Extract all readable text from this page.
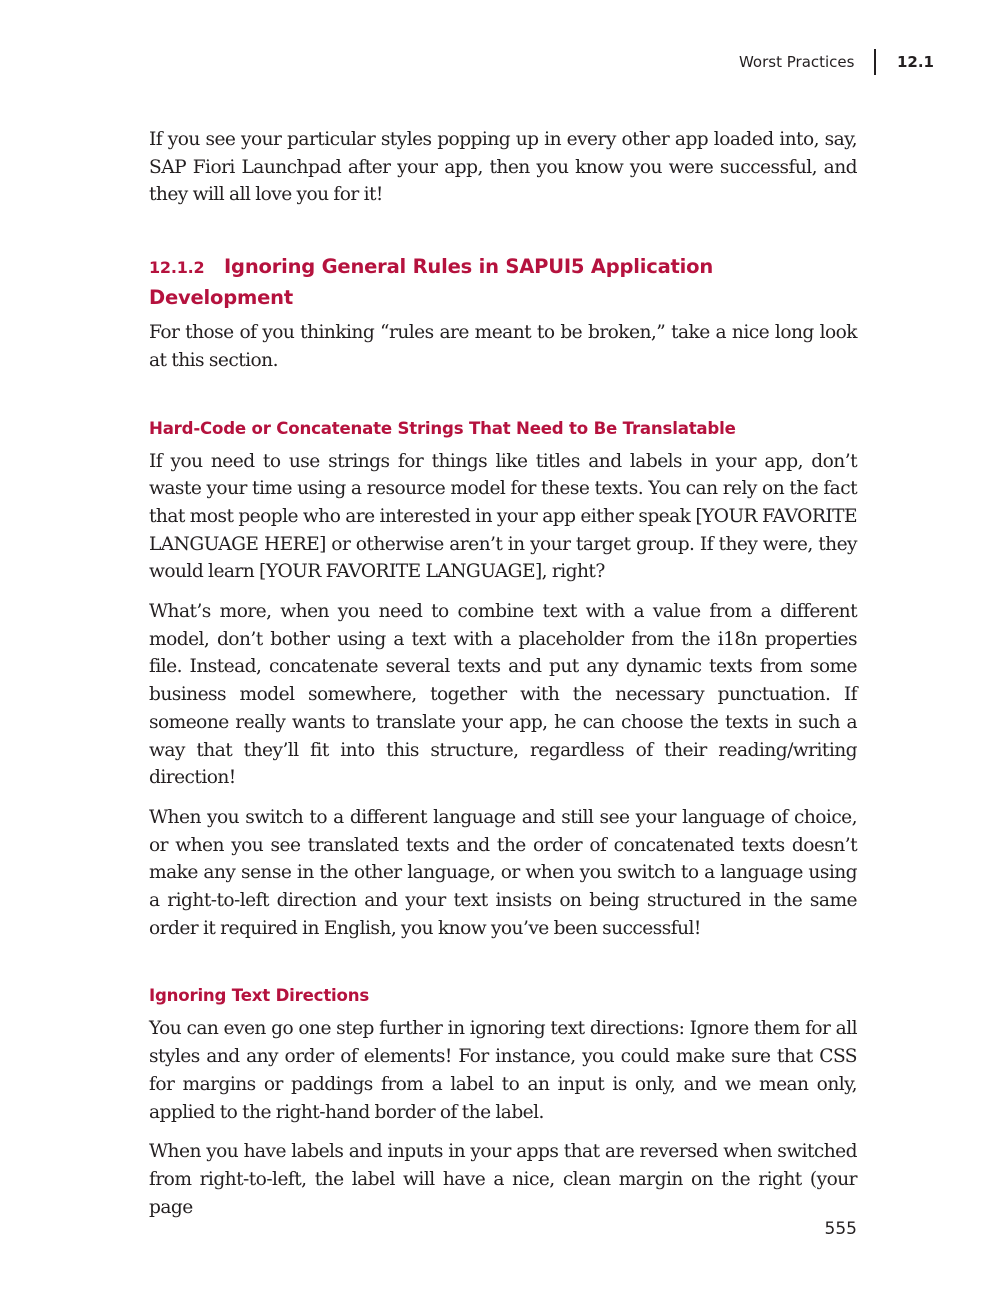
Worst Practices	12.1

If you see your particular styles popping up in every other app loaded into, say, SAP Fiori Launchpad after your app, then you know you were successful, and they will all love you for it!

12.1.2 Ignoring General Rules in SAPUI5 Application Development

For those of you thinking “rules are meant to be broken,” take a nice long look at this section.

Hard-Code or Concatenate Strings That Need to Be Translatable

If you need to use strings for things like titles and labels in your app, don’t waste your time using a resource model for these texts. You can rely on the fact that most people who are interested in your app either speak [YOUR FAVORITE LANGUAGE HERE] or otherwise aren’t in your target group. If they were, they would learn [YOUR FAVORITE LANGUAGE], right?

What’s more, when you need to combine text with a value from a different model, don’t bother using a text with a placeholder from the i18n properties file. Instead, concatenate several texts and put any dynamic texts from some business model somewhere, together with the necessary punctuation. If someone really wants to translate your app, he can choose the texts in such a way that they’ll fit into this structure, regardless of their reading/writing direction!

When you switch to a different language and still see your language of choice, or when you see translated texts and the order of concatenated texts doesn’t make any sense in the other language, or when you switch to a language using a right-to-left direction and your text insists on being structured in the same order it required in English, you know you’ve been successful!

Ignoring Text Directions

You can even go one step further in ignoring text directions: Ignore them for all styles and any order of elements! For instance, you could make sure that CSS for margins or paddings from a label to an input is only, and we mean only, applied to the right-hand border of the label.

When you have labels and inputs in your apps that are reversed when switched from right-to-left, the label will have a nice, clean margin on the right (your page

555
